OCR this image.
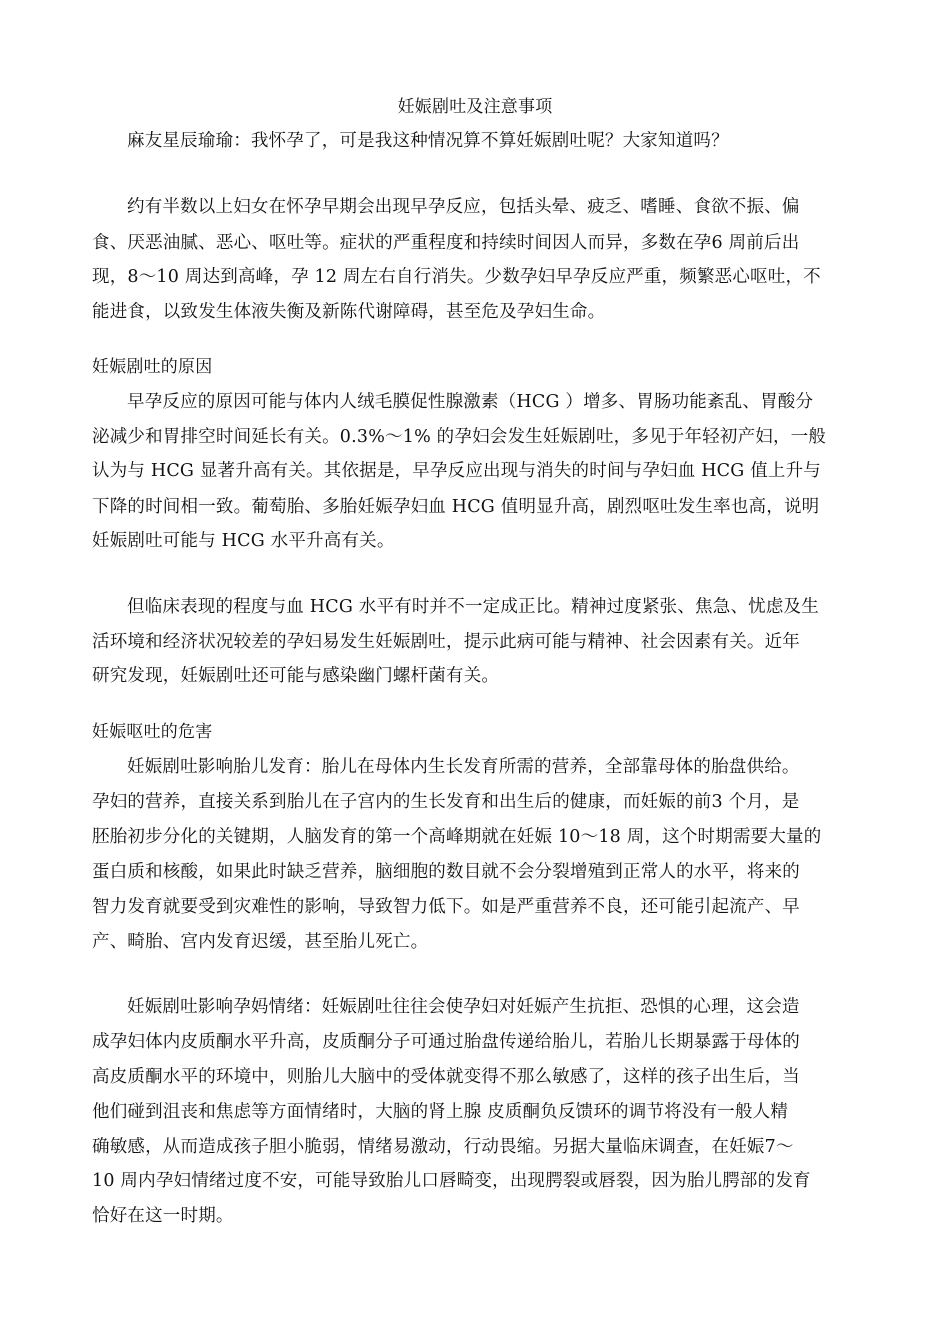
妊娠剧吐及注意事项
麻友星辰瑜瑜：我怀孕了，可是我这种情况算不算妊娠剧吐呢？大家知道吗？
约有半数以上妇女在怀孕早期会出现早孕反应，包括头晕、疲乏、嗜睡、食欲不振、偏
食、厌恶油腻、恶心、呕吐等。症状的严重程度和持续时间因人而异，多数在孕6 周前后出
现，8～10 周达到高峰，孕 12 周左右自行消失。少数孕妇早孕反应严重，频繁恶心呕吐，不
能进食，以致发生体液失衡及新陈代谢障碍，甚至危及孕妇生命。
妊娠剧吐的原因
早孕反应的原因可能与体内人绒毛膜促性腺激素（HCG ）增多、胃肠功能紊乱、胃酸分
泌减少和胃排空时间延长有关。0.3%～1% 的孕妇会发生妊娠剧吐，多见于年轻初产妇，一般
认为与 HCG 显著升高有关。其依据是，早孕反应出现与消失的时间与孕妇血 HCG 值上升与
下降的时间相一致。葡萄胎、多胎妊娠孕妇血 HCG 值明显升高，剧烈呕吐发生率也高，说明
妊娠剧吐可能与 HCG 水平升高有关。
但临床表现的程度与血 HCG 水平有时并不一定成正比。精神过度紧张、焦急、忧虑及生
活环境和经济状况较差的孕妇易发生妊娠剧吐，提示此病可能与精神、社会因素有关。近年
研究发现，妊娠剧吐还可能与感染幽门螺杆菌有关。
妊娠呕吐的危害
妊娠剧吐影响胎儿发育：胎儿在母体内生长发育所需的营养，全部靠母体的胎盘供给。
孕妇的营养，直接关系到胎儿在子宫内的生长发育和出生后的健康，而妊娠的前3 个月，是
胚胎初步分化的关键期，人脑发育的第一个高峰期就在妊娠 10～18 周，这个时期需要大量的
蛋白质和核酸，如果此时缺乏营养，脑细胞的数目就不会分裂增殖到正常人的水平，将来的
智力发育就要受到灾难性的影响，导致智力低下。如是严重营养不良，还可能引起流产、早
产、畸胎、宫内发育迟缓，甚至胎儿死亡。
妊娠剧吐影响孕妈情绪：妊娠剧吐往往会使孕妇对妊娠产生抗拒、恐惧的心理，这会造
成孕妇体内皮质酮水平升高，皮质酮分子可通过胎盘传递给胎儿，若胎儿长期暴露于母体的
高皮质酮水平的环境中，则胎儿大脑中的受体就变得不那么敏感了，这样的孩子出生后，当
他们碰到沮丧和焦虑等方面情绪时，大脑的肾上腺 皮质酮负反馈环的调节将没有一般人精
确敏感，从而造成孩子胆小脆弱，情绪易激动，行动畏缩。另据大量临床调查，在妊娠7～
10 周内孕妇情绪过度不安，可能导致胎儿口唇畸变，出现腭裂或唇裂，因为胎儿腭部的发育
恰好在这一时期。
